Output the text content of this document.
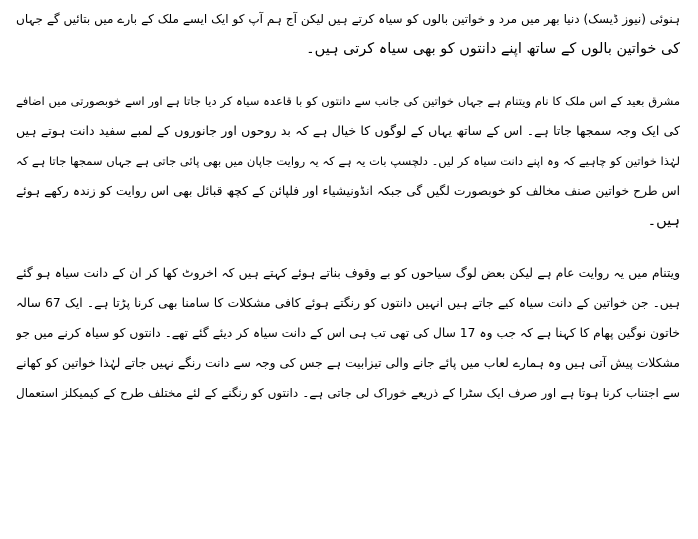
ہنوئی (نیوز ڈیسک) دنیا بھر میں مرد و خواتین بالوں کو سیاہ کرتے ہیں لیکن آج ہم آپ کو ایک ایسے ملک کے بارے میں بتائیں گے جہاں
کی خواتین بالوں کے ساتھ اپنے دانتوں کو بھی سیاہ کرتی ہیں۔
مشرق بعید کے اس ملک کا نام ویتنام ہے جہاں خواتین کی جانب سے دانتوں کو با قاعدہ سیاہ کر دیا جاتا ہے اور اسے خوبصورتی میں اضافے
کی ایک وجہ سمجھا جاتا ہے۔ اس کے ساتھ یہاں کے لوگوں کا خیال ہے کہ بد روحوں اور جانوروں کے لمبے سفید دانت ہوتے ہیں
لہٰذا خواتین کو چاہیے کہ وہ اپنے دانت سیاہ کر لیں۔ دلچسپ بات یہ ہے کہ یہ روایت جاپان میں بھی پائی جاتی ہے جہاں سمجھا جاتا ہے کہ
اس طرح خواتین صنف مخالف کو خوبصورت لگیں گی جبکہ انڈونیشیاء اور فلپائن کے کچھ قبائل بھی اس روایت کو زندہ رکھے ہوئے
ہیں۔
ویتنام میں یہ روایت عام ہے لیکن بعض لوگ سیاحوں کو بے وقوف بناتے ہوئے کہتے ہیں کہ اخروٹ کھا کر ان کے دانت سیاہ ہو گئے
ہیں۔ جن خواتین کے دانت سیاہ کیے جاتے ہیں انہیں دانتوں کو رنگتے ہوئے کافی مشکلات کا سامنا بھی کرنا پڑتا ہے۔ ایک 67 سالہ
خاتون نوگین پھام کا کہنا ہے کہ جب وہ 17 سال کی تھی تب ہی اس کے دانت سیاہ کر دیئے گئے تھے۔ دانتوں کو سیاہ کرنے میں جو
مشکلات پیش آتی ہیں وہ ہمارے لعاب میں پائے جانے والی تیزابیت ہے جس کی وجہ سے دانت رنگے نہیں جاتے لہٰذا خواتین کو کھانے
سے اجتناب کرنا ہوتا ہے اور صرف ایک سٹرا کے ذریعے خوراک لی جاتی ہے۔ دانتوں کو رنگنے کے لئے مختلف طرح کے کیمیکلز استعمال
